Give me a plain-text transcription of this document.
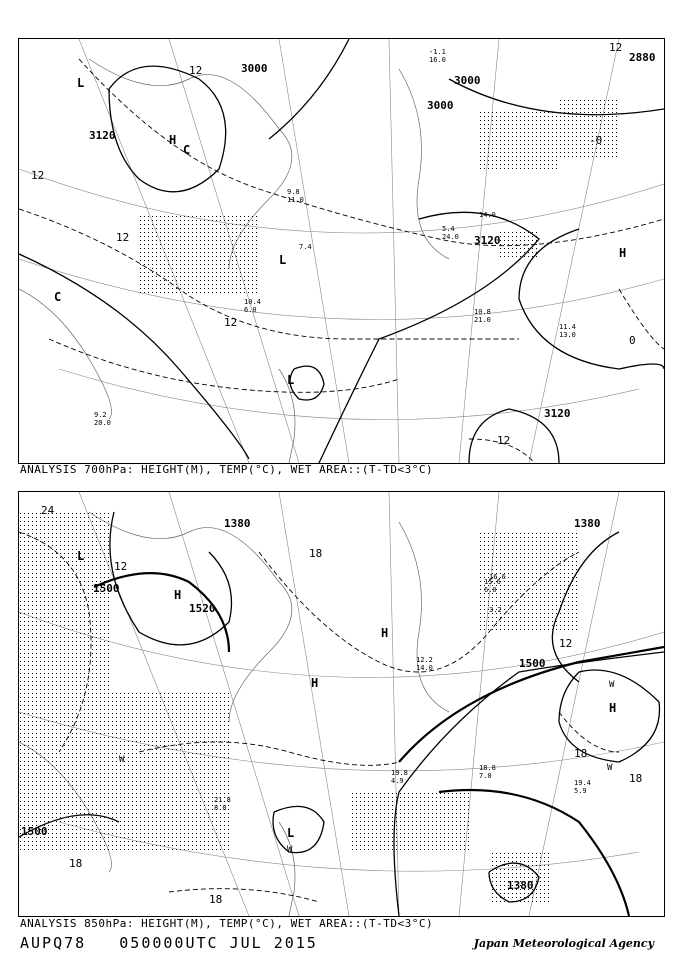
3000
3000
3000
3120
3120
3120
2880
L
H
C
L
C
H
L
12
12
12
12
12
-0
0
12
14.0
9.8
11.0
7.4
10.8
21.0
11.4
13.0
5.4
24.0
9.2
20.0
-1.1
16.0
10.4
6.0
ANALYSIS 700hPa: HEIGHT(M), TEMP(°C), WET AREA::(T-TD<3°C)
1500
1380
1520
1500
1500
1380
1380
L
H
H
H
H
L
W
W
W
W
24
12
18
18
18
18
18
12
18.8
7.0
19.4
5.9
19.8
4.9
15.6
6.0
12.2
14.0
21.8
8.0
16.6
3.2
ANALYSIS 850hPa: HEIGHT(M), TEMP(°C), WET AREA::(T-TD<3°C)
AUPQ78   050000UTC JUL 2015	Japan Meteorological Agency
